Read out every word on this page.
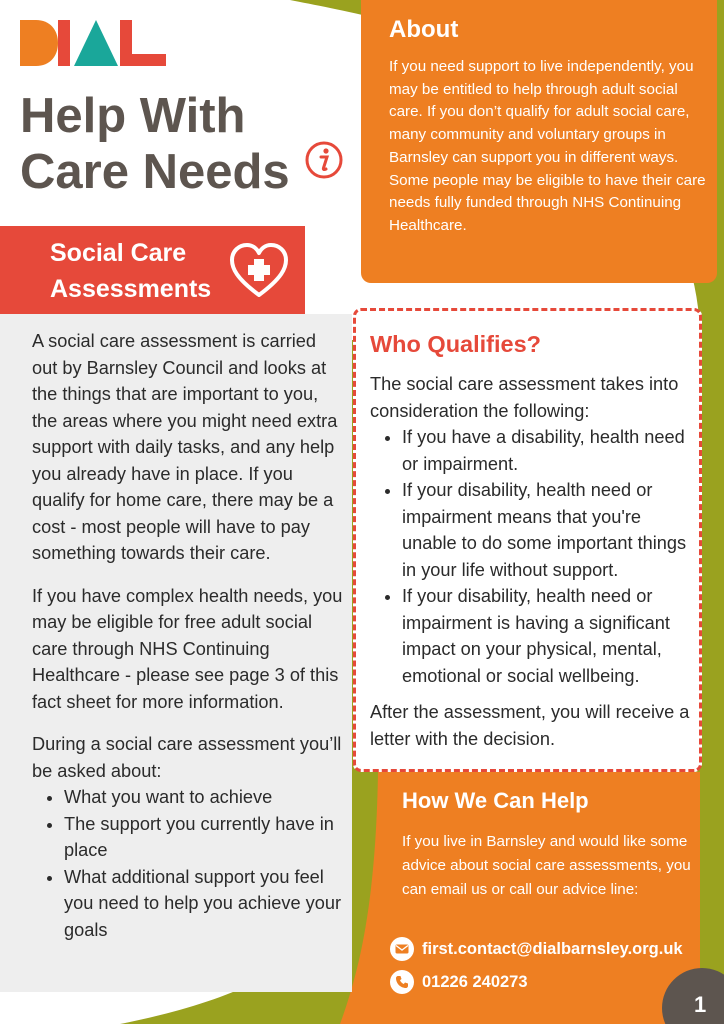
Help With
Care Needs
Social Care
Assessments

A social care assessment is carried out by Barnsley Council and looks at the things that are important to you, the areas where you might need extra support with daily tasks, and any help you already have in place. If you qualify for home care, there may be a cost - most people will have to pay something towards their care.

If you have complex health needs, you may be eligible for free adult social care through NHS Continuing Healthcare - please see page 3 of this fact sheet for more information.

During a social care assessment you’ll be asked about:

• What you want to achieve
• The support you currently have in place
• What additional support you feel you need to help you achieve your goals
About

If you need support to live independently, you may be entitled to help through adult social care. If you don’t qualify for adult social care, many community and voluntary groups in Barnsley can support you in different ways. Some people may be eligible to have their care needs fully funded through NHS Continuing Healthcare.

Who Qualifies?

The social care assessment takes into consideration the following:

• If you have a disability, health need or impairment.
• If your disability, health need or impairment means that you're unable to do some important things in your life without support.
• If your disability, health need or impairment is having a significant impact on your physical, mental, emotional or social wellbeing.

After the assessment, you will receive a letter with the decision.

How We Can Help

If you live in Barnsley and would like some advice about social care assessments, you can email us or call our advice line:

first.contact@dialbarnsley.org.uk
01226 240273
1
